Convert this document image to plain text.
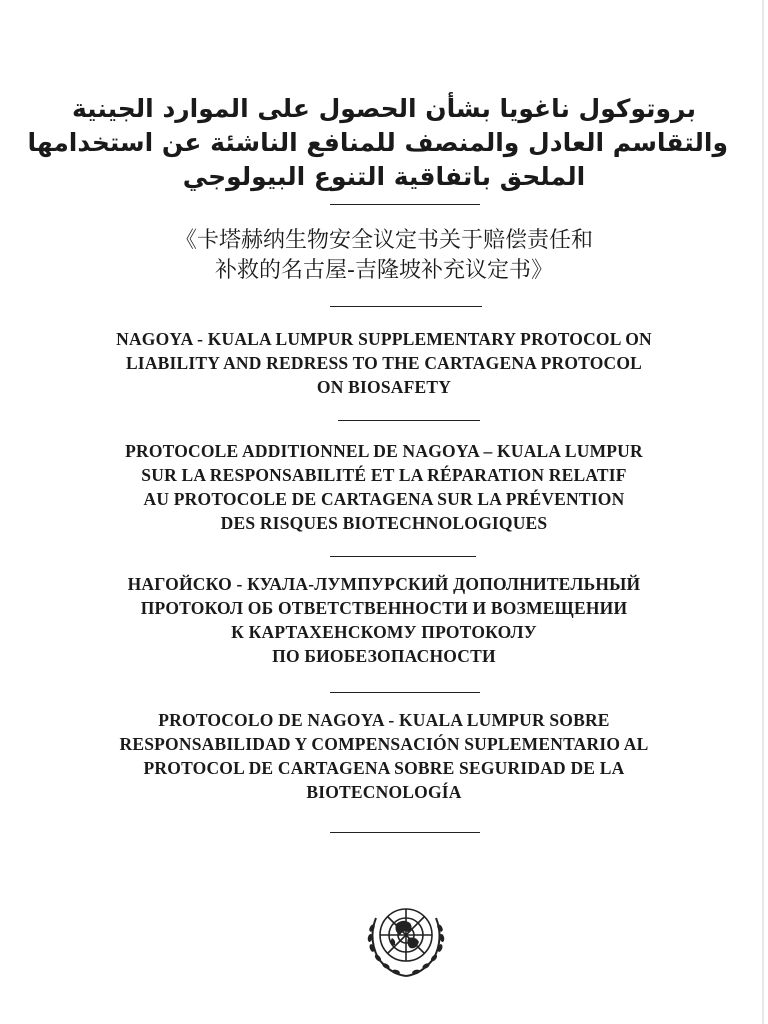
بروتوكول ناغويا بشأن الحصول على الموارد الجينية
والتقاسم العادل والمنصف للمنافع الناشئة عن استخدامها
الملحق باتفاقية التنوع البيولوجي
《卡塔赫纳生物安全议定书关于赔偿责任和
补救的名古屋-吉隆坡补充议定书》
NAGOYA - KUALA LUMPUR SUPPLEMENTARY PROTOCOL ON
LIABILITY AND REDRESS TO THE CARTAGENA PROTOCOL
ON BIOSAFETY
PROTOCOLE ADDITIONNEL DE NAGOYA – KUALA LUMPUR
SUR LA RESPONSABILITÉ ET LA RÉPARATION RELATIF
AU PROTOCOLE DE CARTAGENA SUR LA PRÉVENTION
DES RISQUES BIOTECHNOLOGIQUES
НАГОЙСКО - КУАЛА-ЛУМПУРСКИЙ ДОПОЛНИТЕЛЬНЫЙ
ПРОТОКОЛ ОБ ОТВЕТСТВЕННОСТИ И ВОЗМЕЩЕНИИ
К КАРТАХЕНСКОМУ ПРОТОКОЛУ
ПО БИОБЕЗОПАСНОСТИ
PROTOCOLO DE NAGOYA - KUALA LUMPUR SOBRE
RESPONSABILIDAD Y COMPENSACIÓN SUPLEMENTARIO AL
PROTOCOL DE CARTAGENA SOBRE SEGURIDAD DE LA
BIOTECNOLOGÍA
